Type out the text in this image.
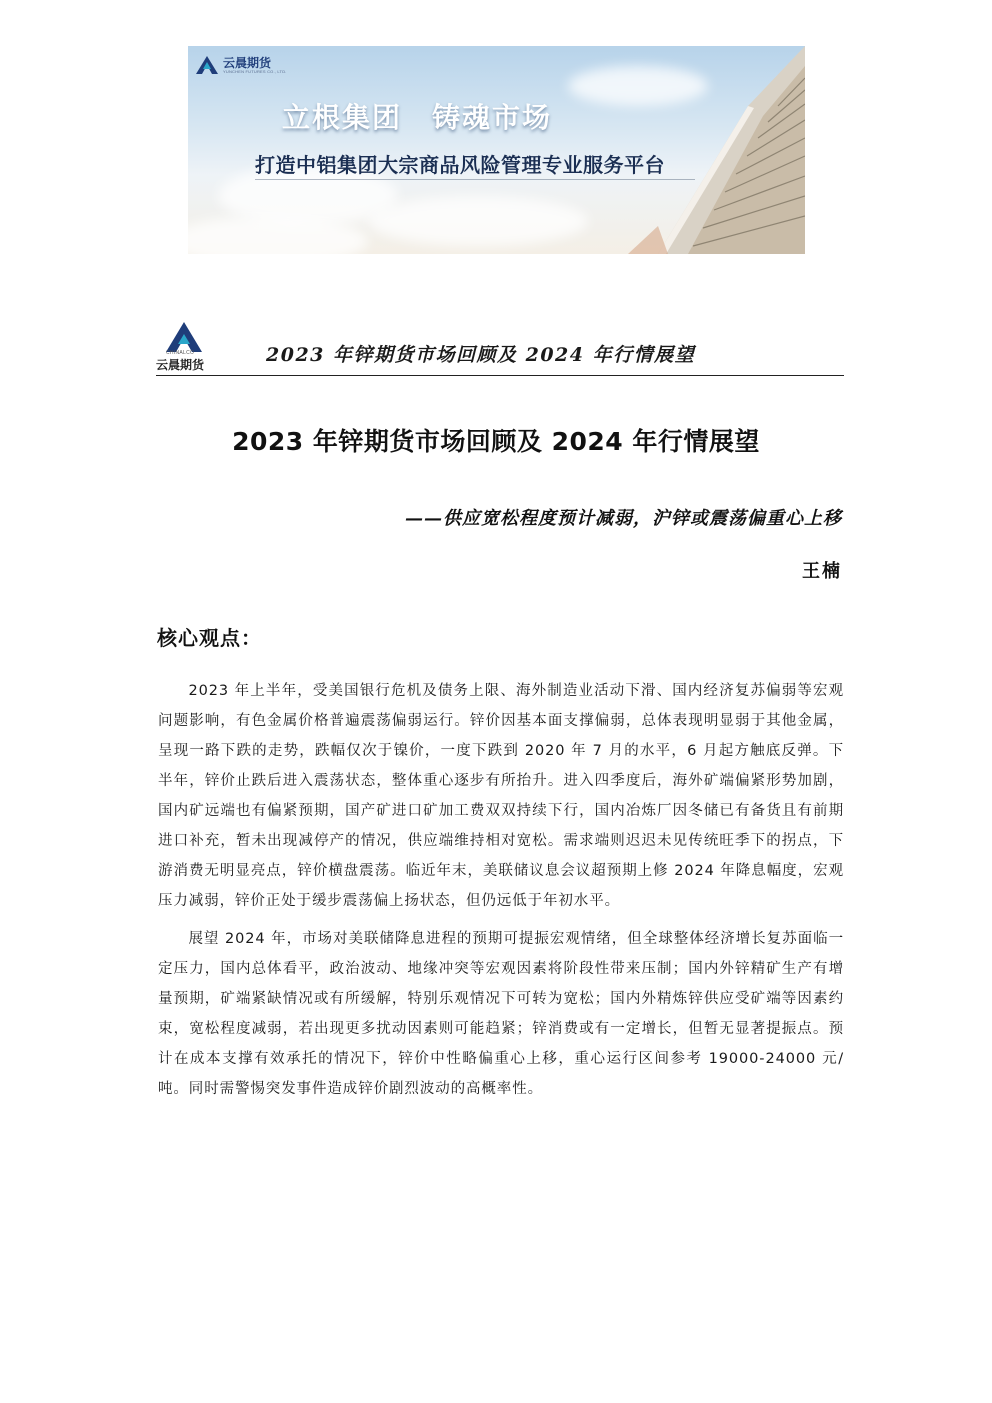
云晨期货
YUNCHEN FUTURES CO., LTD.
立根集团　铸魂市场
打造中铝集团大宗商品风险管理专业服务平台
CHINALCO
云晨期货	2023 年锌期货市场回顾及 2024 年行情展望
2023 年锌期货市场回顾及 2024 年行情展望
——供应宽松程度预计减弱，沪锌或震荡偏重心上移
王楠
核心观点：

2023 年上半年，受美国银行危机及债务上限、海外制造业活动下滑、国内经济复苏偏弱等宏观问题影响，有色金属价格普遍震荡偏弱运行。锌价因基本面支撑偏弱，总体表现明显弱于其他金属，呈现一路下跌的走势，跌幅仅次于镍价，一度下跌到 2020 年 7 月的水平，6 月起方触底反弹。下半年，锌价止跌后进入震荡状态，整体重心逐步有所抬升。进入四季度后，海外矿端偏紧形势加剧，国内矿远端也有偏紧预期，国产矿进口矿加工费双双持续下行，国内冶炼厂因冬储已有备货且有前期进口补充，暂未出现减停产的情况，供应端维持相对宽松。需求端则迟迟未见传统旺季下的拐点，下游消费无明显亮点，锌价横盘震荡。临近年末，美联储议息会议超预期上修 2024 年降息幅度，宏观压力减弱，锌价正处于缓步震荡偏上扬状态，但仍远低于年初水平。

展望 2024 年，市场对美联储降息进程的预期可提振宏观情绪，但全球整体经济增长复苏面临一定压力，国内总体看平，政治波动、地缘冲突等宏观因素将阶段性带来压制；国内外锌精矿生产有增量预期，矿端紧缺情况或有所缓解，特别乐观情况下可转为宽松；国内外精炼锌供应受矿端等因素约束，宽松程度减弱，若出现更多扰动因素则可能趋紧；锌消费或有一定增长，但暂无显著提振点。预计在成本支撑有效承托的情况下，锌价中性略偏重心上移，重心运行区间参考 19000-24000 元/吨。同时需警惕突发事件造成锌价剧烈波动的高概率性。
